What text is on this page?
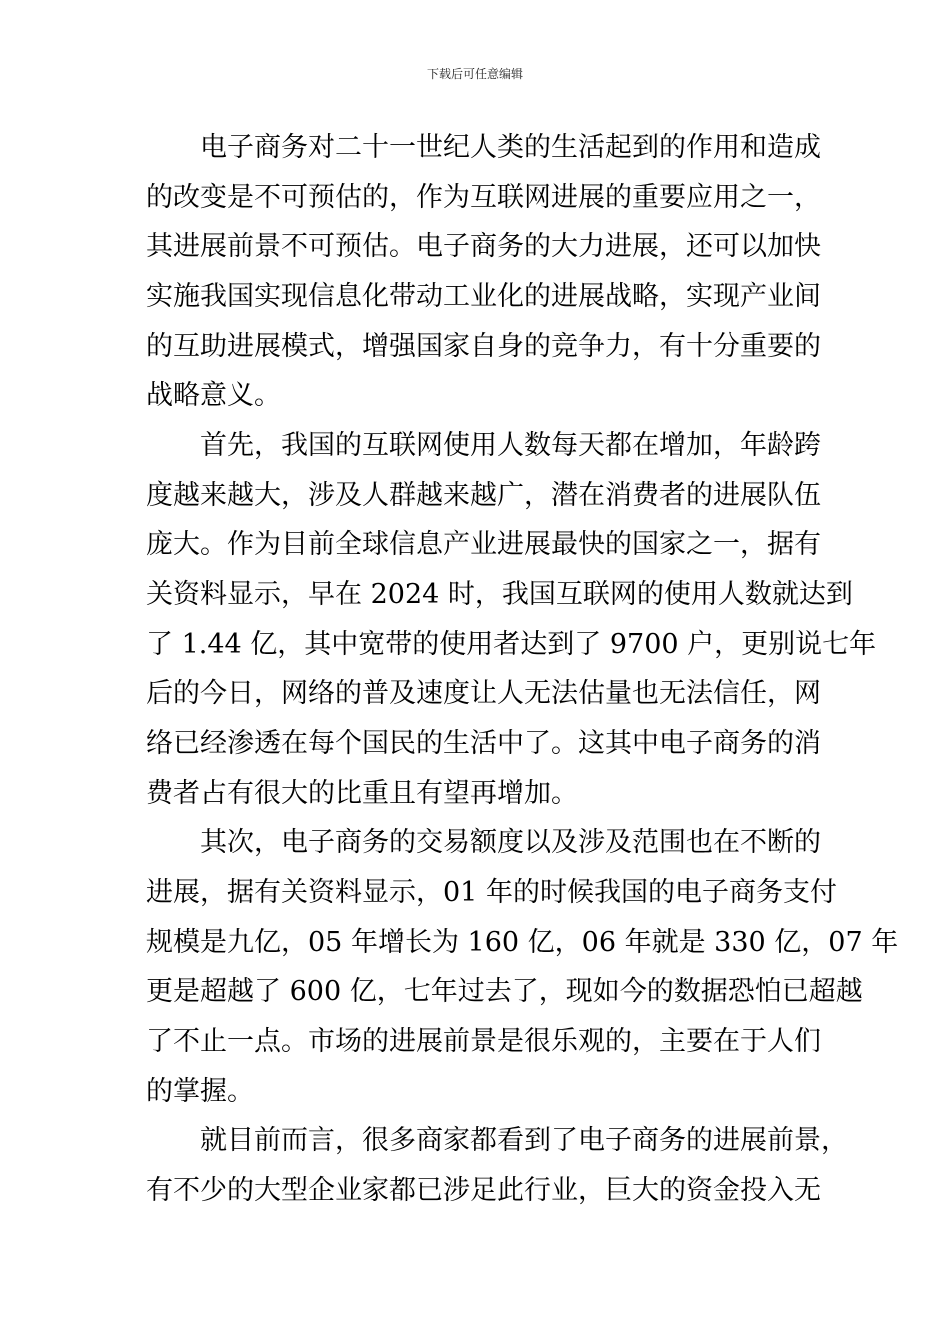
下载后可任意编辑
　　电子商务对二十一世纪人类的生活起到的作用和造成
的改变是不可预估的，作为互联网进展的重要应用之一，
其进展前景不可预估。电子商务的大力进展，还可以加快
实施我国实现信息化带动工业化的进展战略，实现产业间
的互助进展模式，增强国家自身的竞争力，有十分重要的
战略意义。
　　首先，我国的互联网使用人数每天都在增加，年龄跨
度越来越大，涉及人群越来越广，潜在消费者的进展队伍
庞大。作为目前全球信息产业进展最快的国家之一，据有
关资料显示，早在 2024 时，我国互联网的使用人数就达到
了 1.44 亿，其中宽带的使用者达到了 9700 户，更别说七年
后的今日，网络的普及速度让人无法估量也无法信任，网
络已经渗透在每个国民的生活中了。这其中电子商务的消
费者占有很大的比重且有望再增加。
　　其次，电子商务的交易额度以及涉及范围也在不断的
进展，据有关资料显示，01 年的时候我国的电子商务支付
规模是九亿，05 年增长为 160 亿，06 年就是 330 亿，07 年
更是超越了 600 亿，七年过去了，现如今的数据恐怕已超越
了不止一点。市场的进展前景是很乐观的，主要在于人们
的掌握。
　　就目前而言，很多商家都看到了电子商务的进展前景，
有不少的大型企业家都已涉足此行业，巨大的资金投入无
